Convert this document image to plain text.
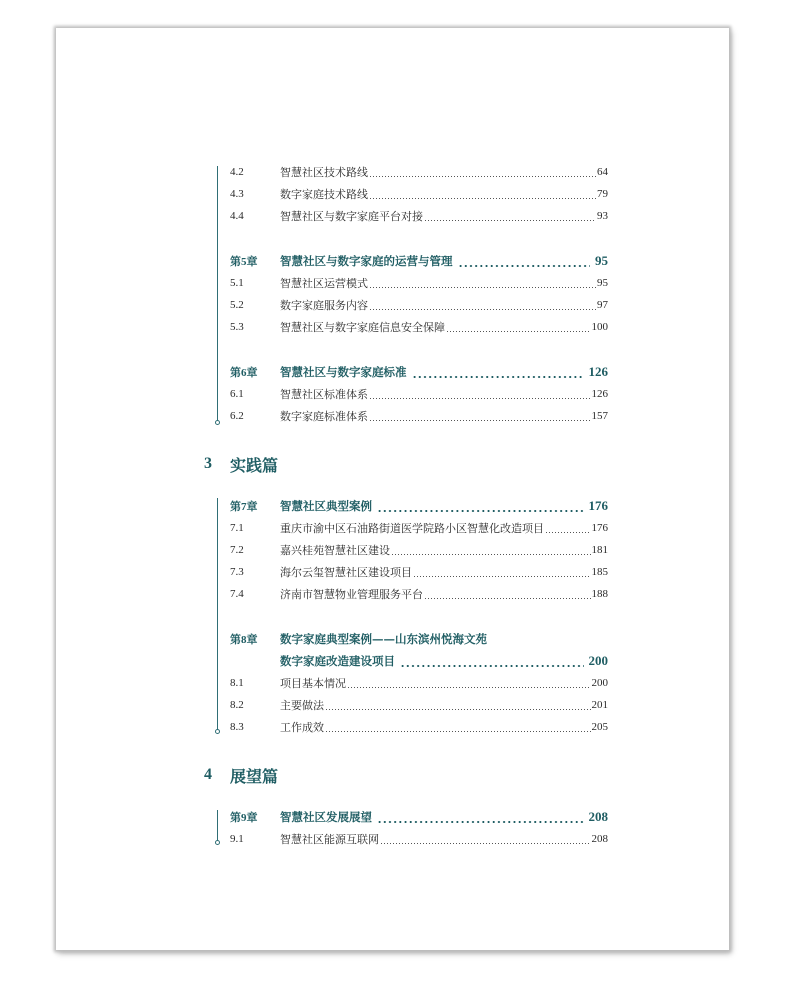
4.2	智慧社区技术路线	64
4.3	数字家庭技术路线	79
4.4	智慧社区与数字家庭平台对接	93
第5章	智慧社区与数字家庭的运营与管理	95
5.1	智慧社区运营模式	95
5.2	数字家庭服务内容	97
5.3	智慧社区与数字家庭信息安全保障	100
第6章	智慧社区与数字家庭标准	126
6.1	智慧社区标准体系	126
6.2	数字家庭标准体系	157
3	实践篇
第7章	智慧社区典型案例	176
7.1	重庆市渝中区石油路街道医学院路小区智慧化改造项目	176
7.2	嘉兴桂苑智慧社区建设	181
7.3	海尔云玺智慧社区建设项目	185
7.4	济南市智慧物业管理服务平台	188
第8章	数字家庭典型案例——山东滨州悦海文苑
数字家庭改造建设项目	200
8.1	项目基本情况	200
8.2	主要做法	201
8.3	工作成效	205
4	展望篇
第9章	智慧社区发展展望	208
9.1	智慧社区能源互联网	208
